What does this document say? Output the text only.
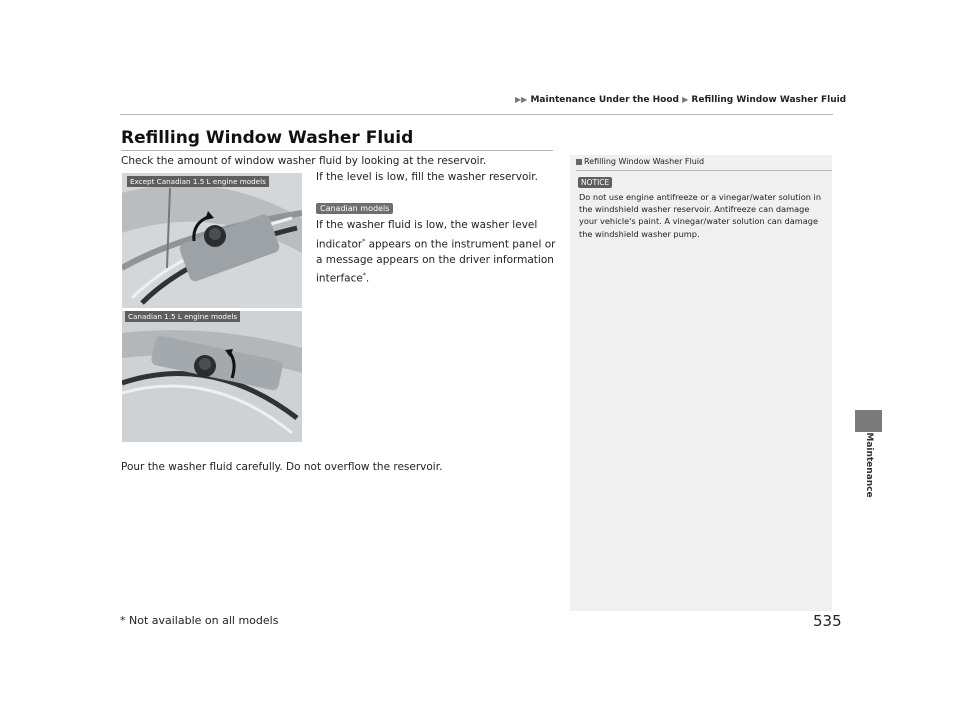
▶▶ Maintenance Under the Hood ▶ Refilling Window Washer Fluid
Refilling Window Washer Fluid
Check the amount of window washer fluid by looking at the reservoir.
Except Canadian 1.5 L engine models
Canadian 1.5 L engine models
If the level is low, fill the washer reservoir.
Canadian models
If the washer fluid is low, the washer level indicator* appears on the instrument panel or a message appears on the driver information interface*.
Pour the washer fluid carefully. Do not overflow the reservoir.
Refilling Window Washer Fluid
NOTICE
Do not use engine antifreeze or a vinegar/water solution in the windshield washer reservoir. Antifreeze can damage your vehicle's paint. A vinegar/water solution can damage the windshield washer pump.
Maintenance
* Not available on all models	535
